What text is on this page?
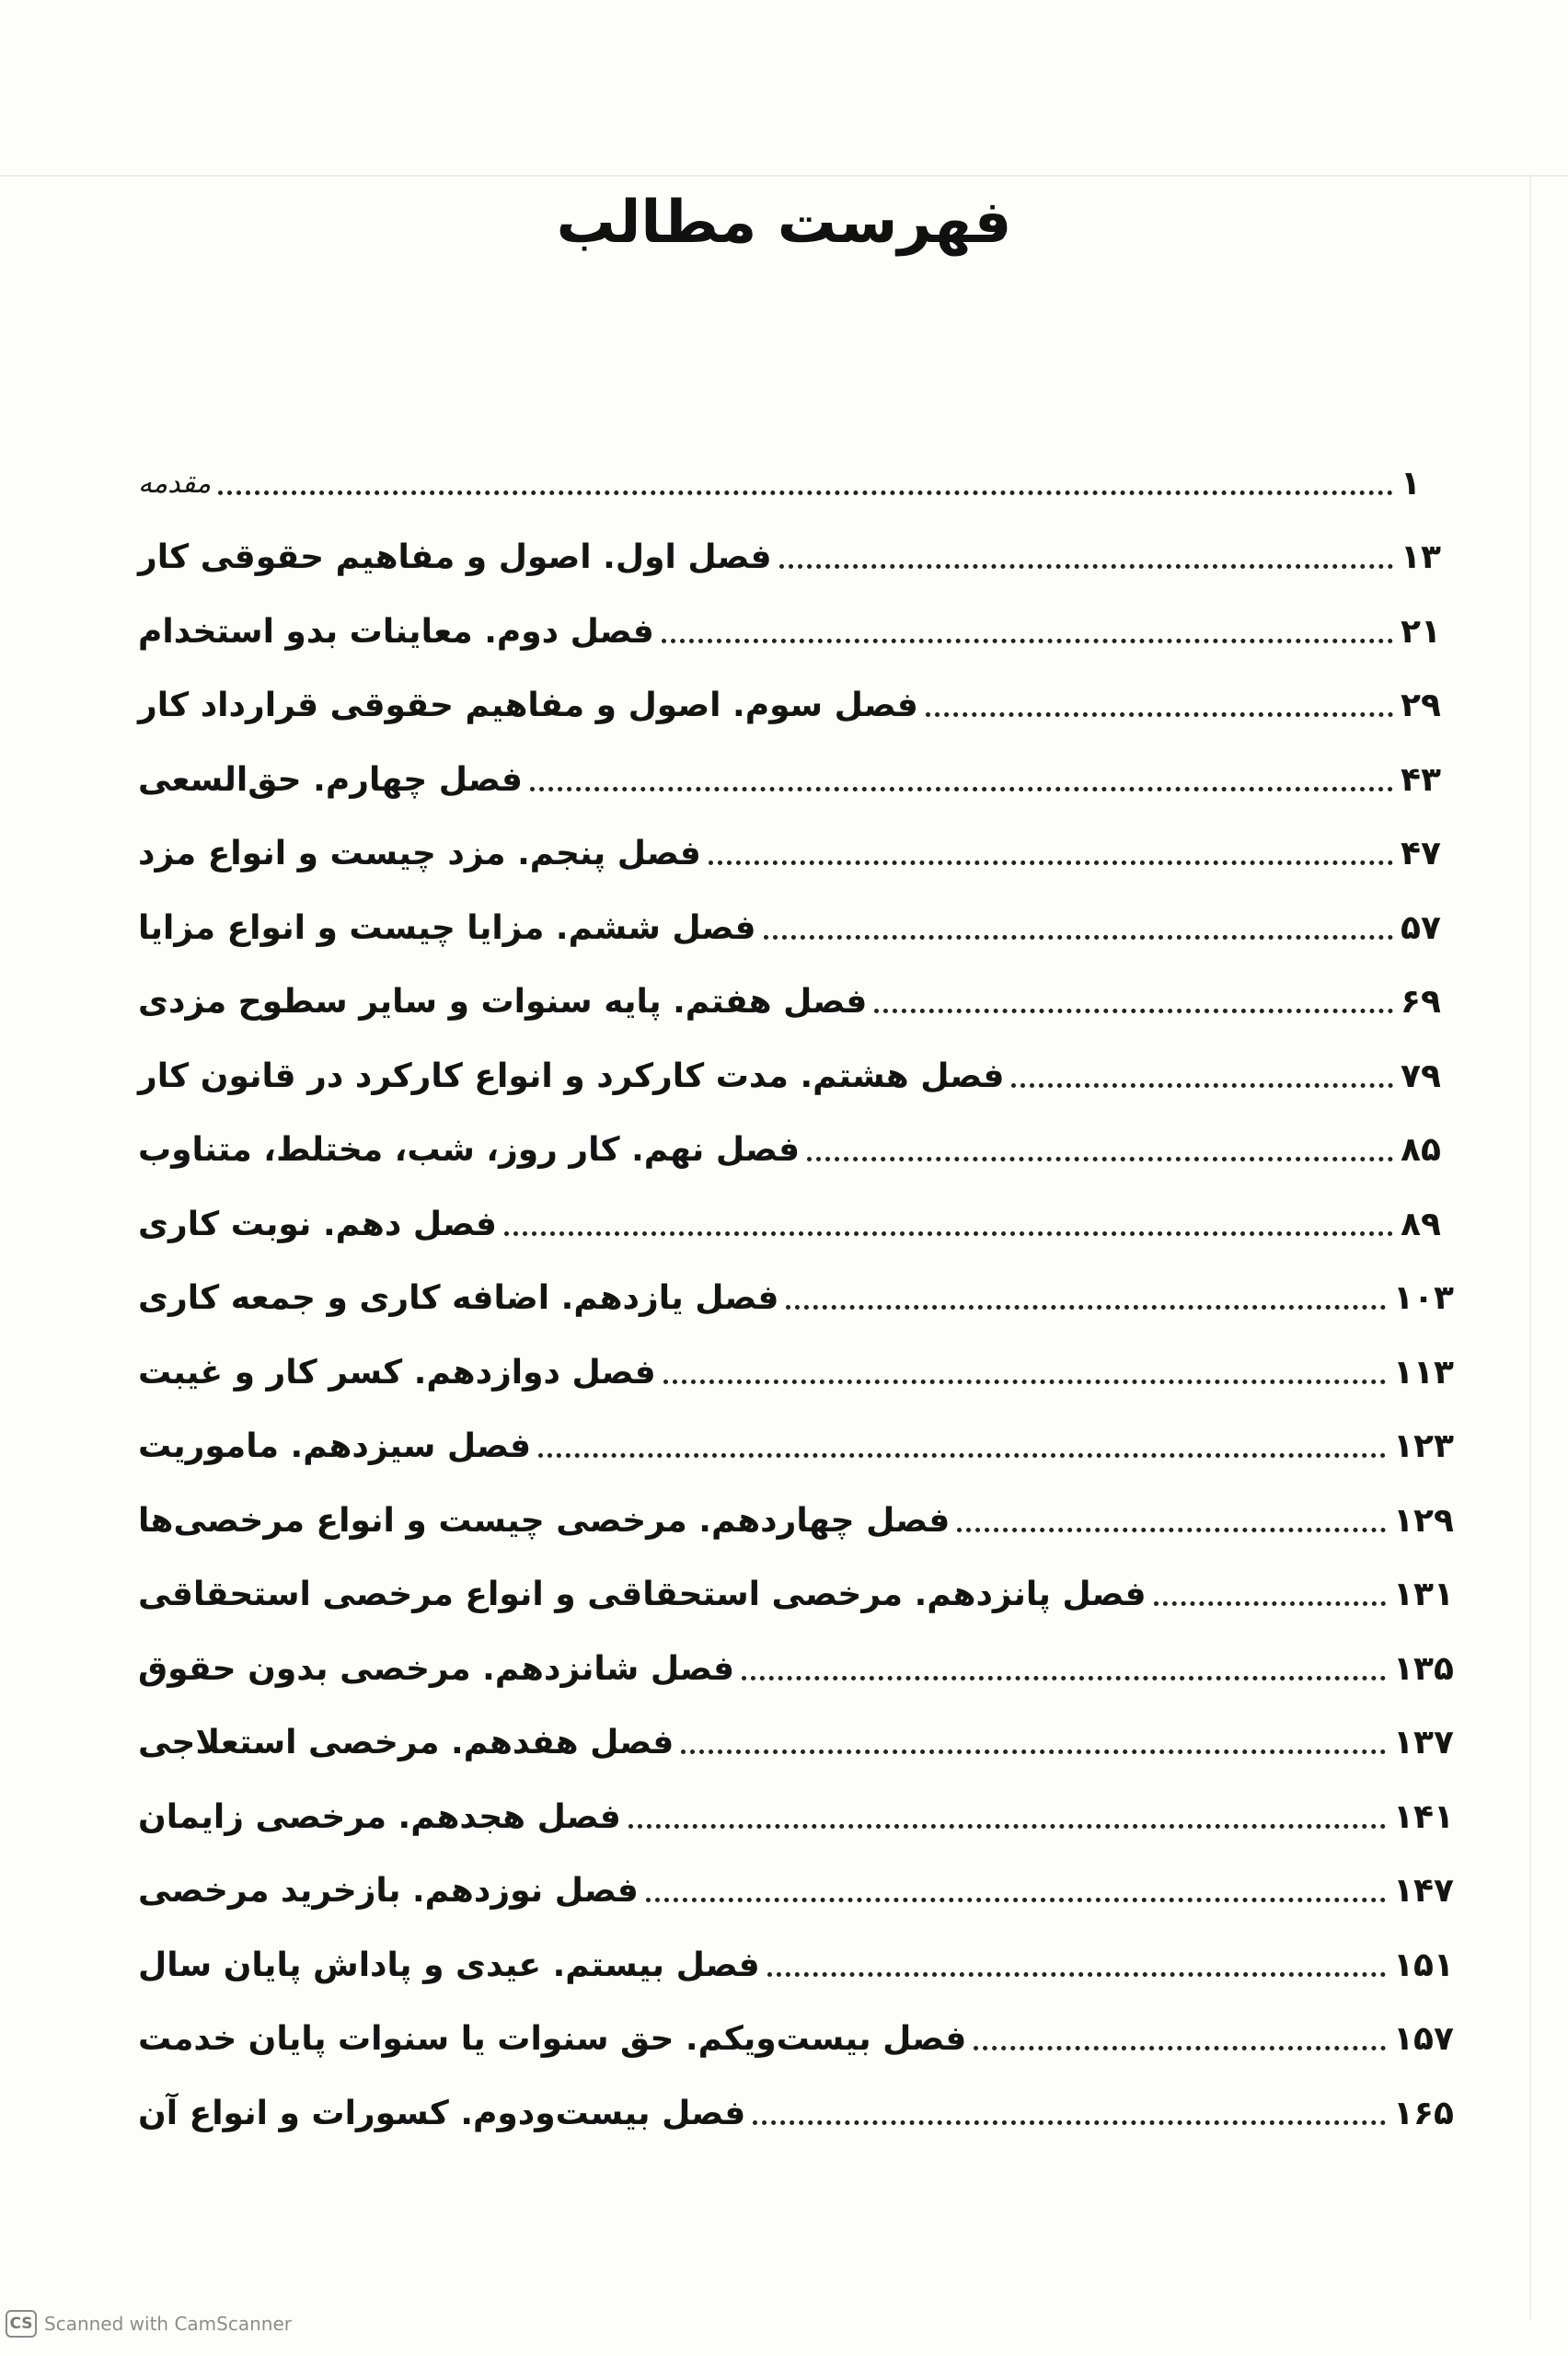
فهرست مطالب
مقدمه	۱
فصل اول. اصول و مفاهیم حقوقی کار	۱۳
فصل دوم. معاینات بدو استخدام	۲۱
فصل سوم. اصول و مفاهیم حقوقی قرارداد کار	۲۹
فصل چهارم. حق‌السعی	۴۳
فصل پنجم. مزد چیست و انواع مزد	۴۷
فصل ششم. مزایا چیست و انواع مزایا	۵۷
فصل هفتم. پایه سنوات و سایر سطوح مزدی	۶۹
فصل هشتم. مدت کارکرد و انواع کارکرد در قانون کار	۷۹
فصل نهم. کار روز، شب، مختلط، متناوب	۸۵
فصل دهم. نوبت کاری	۸۹
فصل یازدهم. اضافه کاری و جمعه کاری	۱۰۳
فصل دوازدهم. کسر کار و غیبت	۱۱۳
فصل سیزدهم. ماموریت	۱۲۳
فصل چهاردهم. مرخصی چیست و انواع مرخصی‌ها	۱۲۹
فصل پانزدهم. مرخصی استحقاقی و انواع مرخصی استحقاقی	۱۳۱
فصل شانزدهم. مرخصی بدون حقوق	۱۳۵
فصل هفدهم. مرخصی استعلاجی	۱۳۷
فصل هجدهم. مرخصی زایمان	۱۴۱
فصل نوزدهم. بازخرید مرخصی	۱۴۷
فصل بیستم. عیدی و پاداش پایان سال	۱۵۱
فصل بیست‌ویکم. حق سنوات یا سنوات پایان خدمت	۱۵۷
فصل بیست‌ودوم. کسورات و انواع آن	۱۶۵
CS Scanned with CamScanner
